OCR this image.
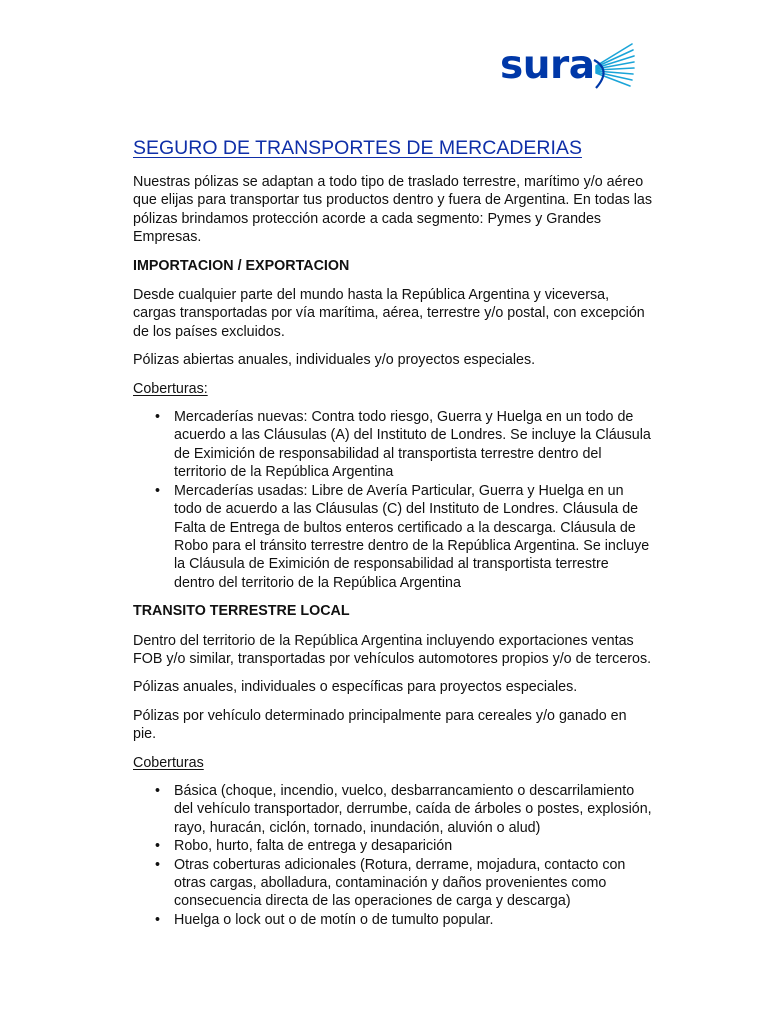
sura
SEGURO DE TRANSPORTES DE MERCADERIAS

Nuestras pólizas se adaptan a todo tipo de traslado terrestre, marítimo y/o aéreo que elijas para transportar tus productos dentro y fuera de Argentina. En todas las pólizas brindamos protección acorde a cada segmento: Pymes y Grandes Empresas.

IMPORTACION / EXPORTACION

Desde cualquier parte del mundo hasta la República Argentina y viceversa, cargas transportadas por vía marítima, aérea, terrestre y/o postal, con excepción de los países excluidos.

Pólizas abiertas anuales, individuales y/o proyectos especiales.

Coberturas:

• Mercaderías nuevas: Contra todo riesgo, Guerra y Huelga en un todo de acuerdo a las Cláusulas (A) del Instituto de Londres. Se incluye la Cláusula de Eximición de responsabilidad al transportista terrestre dentro del territorio de la República Argentina
• Mercaderías usadas: Libre de Avería Particular, Guerra y Huelga en un todo de acuerdo a las Cláusulas (C) del Instituto de Londres. Cláusula de Falta de Entrega de bultos enteros certificado a la descarga. Cláusula de Robo para el tránsito terrestre dentro de la República Argentina. Se incluye la Cláusula de Eximición de responsabilidad al transportista terrestre dentro del territorio de la República Argentina
TRANSITO TERRESTRE LOCAL

Dentro del territorio de la República Argentina incluyendo exportaciones ventas FOB y/o similar, transportadas por vehículos automotores propios y/o de terceros.

Pólizas anuales, individuales o específicas para proyectos especiales.

Pólizas por vehículo determinado principalmente para cereales y/o ganado en pie.

Coberturas

• Básica (choque, incendio, vuelco, desbarrancamiento o descarrilamiento del vehículo transportador, derrumbe, caída de árboles o postes, explosión, rayo, huracán, ciclón, tornado, inundación, aluvión o alud)
• Robo, hurto, falta de entrega y desaparición
• Otras coberturas adicionales (Rotura, derrame, mojadura, contacto con otras cargas, abolladura, contaminación y daños provenientes como consecuencia directa de las operaciones de carga y descarga)
• Huelga o lock out o de motín o de tumulto popular.
